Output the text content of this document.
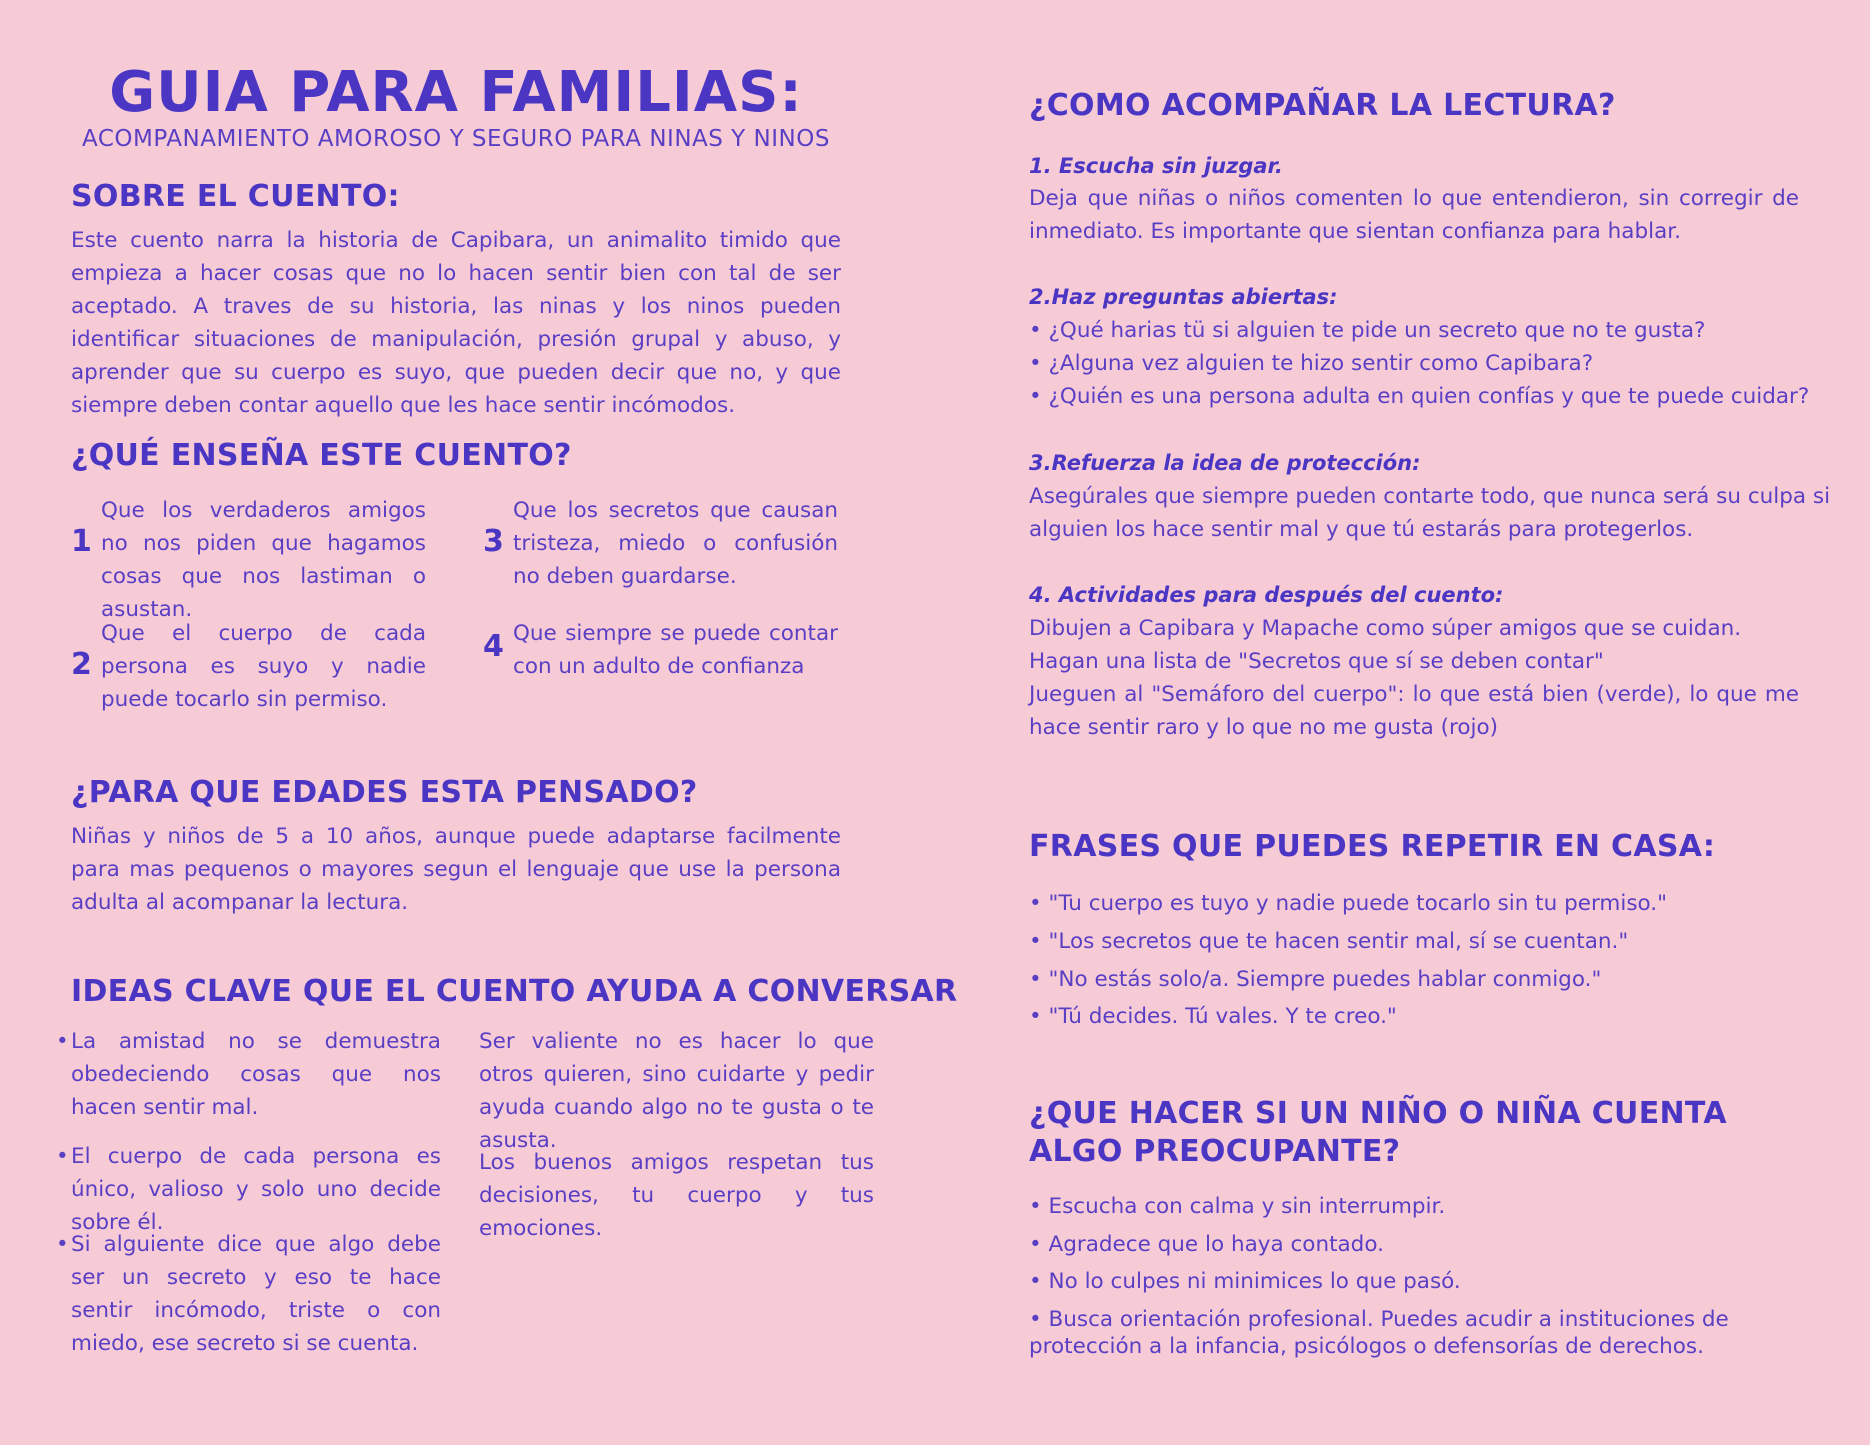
GUIA PARA FAMILIAS:
ACOMPANAMIENTO AMOROSO Y SEGURO PARA NINAS Y NINOS
SOBRE EL CUENTO:
Este cuento narra la historia de Capibara, un animalito timido que empieza a hacer cosas que no lo hacen sentir bien con tal de ser aceptado. A traves de su historia, las ninas y los ninos pueden identificar situaciones de manipulación, presión grupal y abuso, y aprender que su cuerpo es suyo, que pueden decir que no, y que siempre deben contar aquello que les hace sentir incómodos.
¿QUÉ ENSEÑA ESTE CUENTO?
1
Que los verdaderos amigos no nos piden que hagamos cosas que nos lastiman o asustan.
2
Que el cuerpo de cada persona es suyo y nadie puede tocarlo sin permiso.
3
Que los secretos que causan tristeza, miedo o confusión no deben guardarse.
4 Que siempre se puede contar con un adulto de confianza
¿PARA QUE EDADES ESTA PENSADO?
Niñas y niños de 5 a 10 años, aunque puede adaptarse facilmente para mas pequenos o mayores segun el lenguaje que use la persona adulta al acompanar la lectura.
IDEAS CLAVE QUE EL CUENTO AYUDA A CONVERSAR
• La amistad no se demuestra obedeciendo cosas que nos hacen sentir mal.
• El cuerpo de cada persona es único, valioso y solo uno decide sobre él.
• Si alguiente dice que algo debe ser un secreto y eso te hace sentir incómodo, triste o con miedo, ese secreto si se cuenta.
Ser valiente no es hacer lo que otros quieren, sino cuidarte y pedir ayuda cuando algo no te gusta o te asusta.
Los buenos amigos respetan tus decisiones, tu cuerpo y tus emociones.
¿COMO ACOMPAÑAR LA LECTURA?
1. Escucha sin juzgar.
Deja que niñas o niños comenten lo que entendieron, sin corregir de
inmediato. Es importante que sientan confianza para hablar.
2.Haz preguntas abiertas:
• ¿Qué harias tü si alguien te pide un secreto que no te gusta?
• ¿Alguna vez alguien te hizo sentir como Capibara?
• ¿Quién es una persona adulta en quien confías y que te puede cuidar?
3.Refuerza la idea de protección:
Asegúrales que siempre pueden contarte todo, que nunca será su culpa si
alguien los hace sentir mal y que tú estarás para protegerlos.
4. Actividades para después del cuento:
Dibujen a Capibara y Mapache como súper amigos que se cuidan.
Hagan una lista de "Secretos que sí se deben contar"
Jueguen al "Semáforo del cuerpo": lo que está bien (verde), lo que me
hace sentir raro y lo que no me gusta (rojo)
FRASES QUE PUEDES REPETIR EN CASA:
• "Tu cuerpo es tuyo y nadie puede tocarlo sin tu permiso."
• "Los secretos que te hacen sentir mal, sí se cuentan."
• "No estás solo/a. Siempre puedes hablar conmigo."
• "Tú decides. Tú vales. Y te creo."
¿QUE HACER SI UN NIÑO O NIÑA CUENTA
ALGO PREOCUPANTE?
• Escucha con calma y sin interrumpir.
• Agradece que lo haya contado.
• No lo culpes ni minimices lo que pasó.
• Busca orientación profesional. Puedes acudir a instituciones de
protección a la infancia, psicólogos o defensorías de derechos.
